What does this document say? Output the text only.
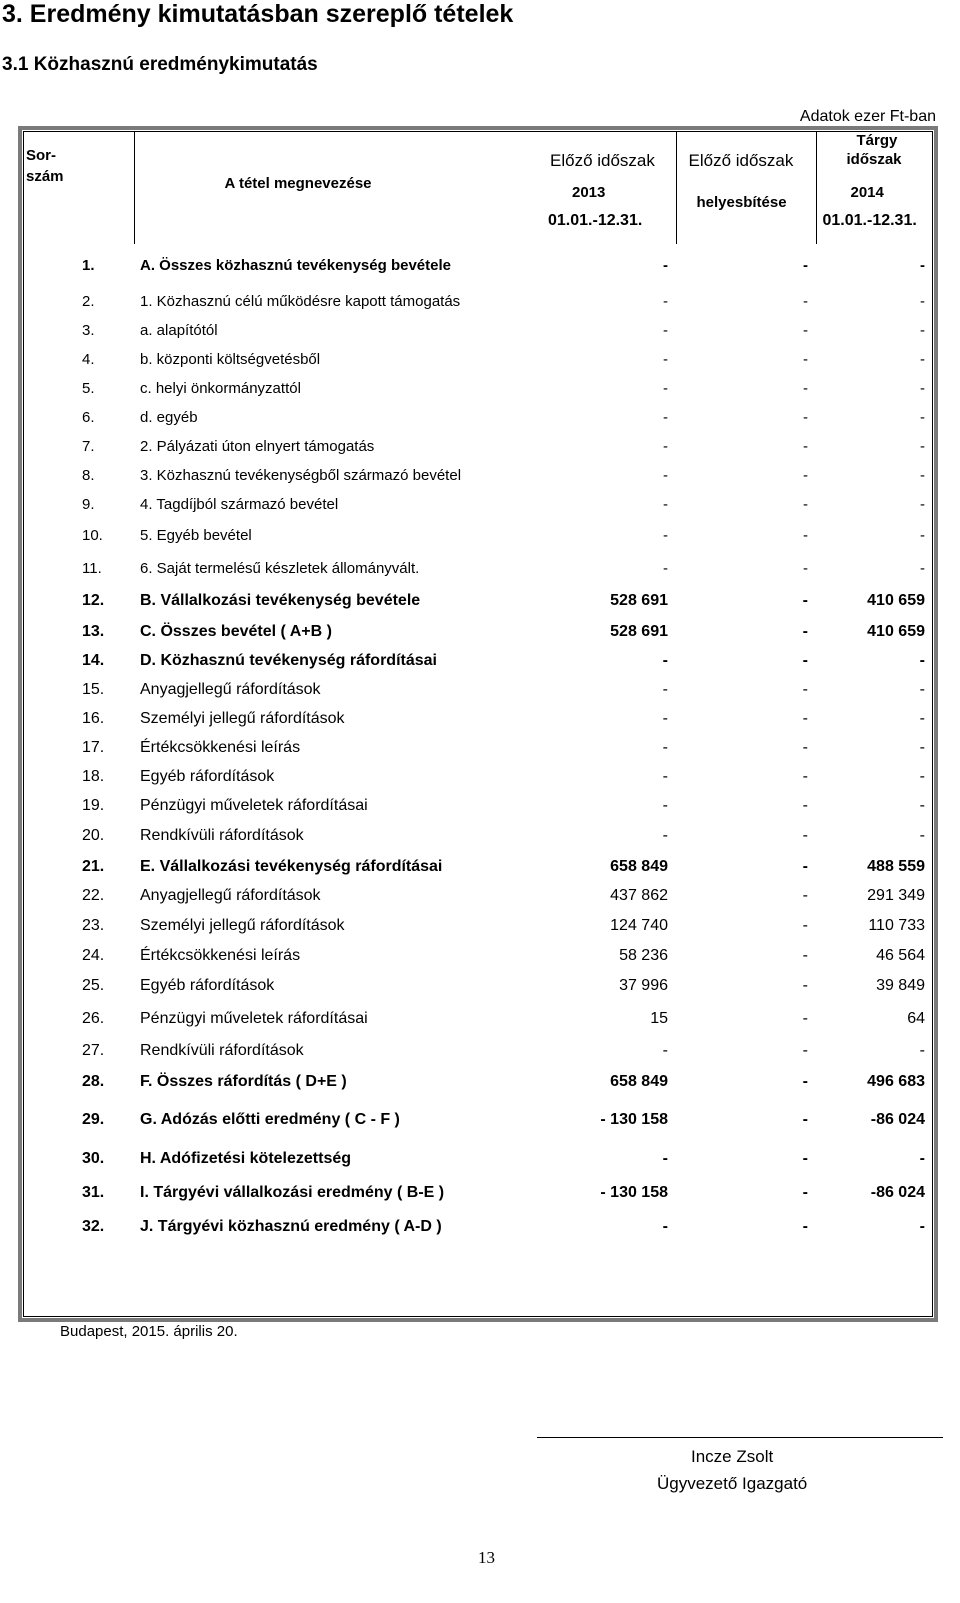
3. Eredmény kimutatásban szereplő tételek
3.1 Közhasznú eredménykimutatás
Adatok ezer Ft-ban
Sor-
szám	A tétel megnevezése	Előző időszak
2013
01.01.-12.31.	Előző időszak
helyesbítése	Tárgy
időszak
2014
01.01.-12.31.

1.	A. Összes közhasznú tevékenység bevétele	-	-	-
2.	1. Közhasznú célú működésre kapott támogatás	-	-	-
3.	a. alapítótól	-	-	-
4.	b. központi költségvetésből	-	-	-
5.	c. helyi önkormányzattól	-	-	-
6.	d. egyéb	-	-	-
7.	2. Pályázati úton elnyert támogatás	-	-	-
8.	3. Közhasznú tevékenységből származó bevétel	-	-	-
9.	4. Tagdíjból származó bevétel	-	-	-
10.	5. Egyéb bevétel	-	-	-
11.	6. Saját termelésű készletek állományvált.	-	-	-
12.	B. Vállalkozási tevékenység bevétele	528 691	-	410 659
13.	C. Összes bevétel ( A+B )	528 691	-	410 659
14.	D. Közhasznú tevékenység ráfordításai	-	-	-
15.	Anyagjellegű ráfordítások	-	-	-
16.	Személyi jellegű ráfordítások	-	-	-
17.	Értékcsökkenési leírás	-	-	-
18.	Egyéb ráfordítások	-	-	-
19.	Pénzügyi műveletek ráfordításai	-	-	-
20.	Rendkívüli ráfordítások	-	-	-
21.	E. Vállalkozási tevékenység ráfordításai	658 849	-	488 559
22.	Anyagjellegű ráfordítások	437 862	-	291 349
23.	Személyi jellegű ráfordítások	124 740	-	110 733
24.	Értékcsökkenési leírás	58 236	-	46 564
25.	Egyéb ráfordítások	37 996	-	39 849
26.	Pénzügyi műveletek ráfordításai	15	-	64
27.	Rendkívüli ráfordítások	-	-	-
28.	F. Összes ráfordítás ( D+E )	658 849	-	496 683
29.	G. Adózás előtti eredmény ( C - F )	- 130 158	-	-86 024
30.	H. Adófizetési kötelezettség	-	-	-
31.	I. Tárgyévi vállalkozási eredmény ( B-E )	- 130 158	-	-86 024
32.	J. Tárgyévi közhasznú eredmény ( A-D )	-	-	-
Budapest, 2015. április 20.
Incze Zsolt
Ügyvezető Igazgató
13
